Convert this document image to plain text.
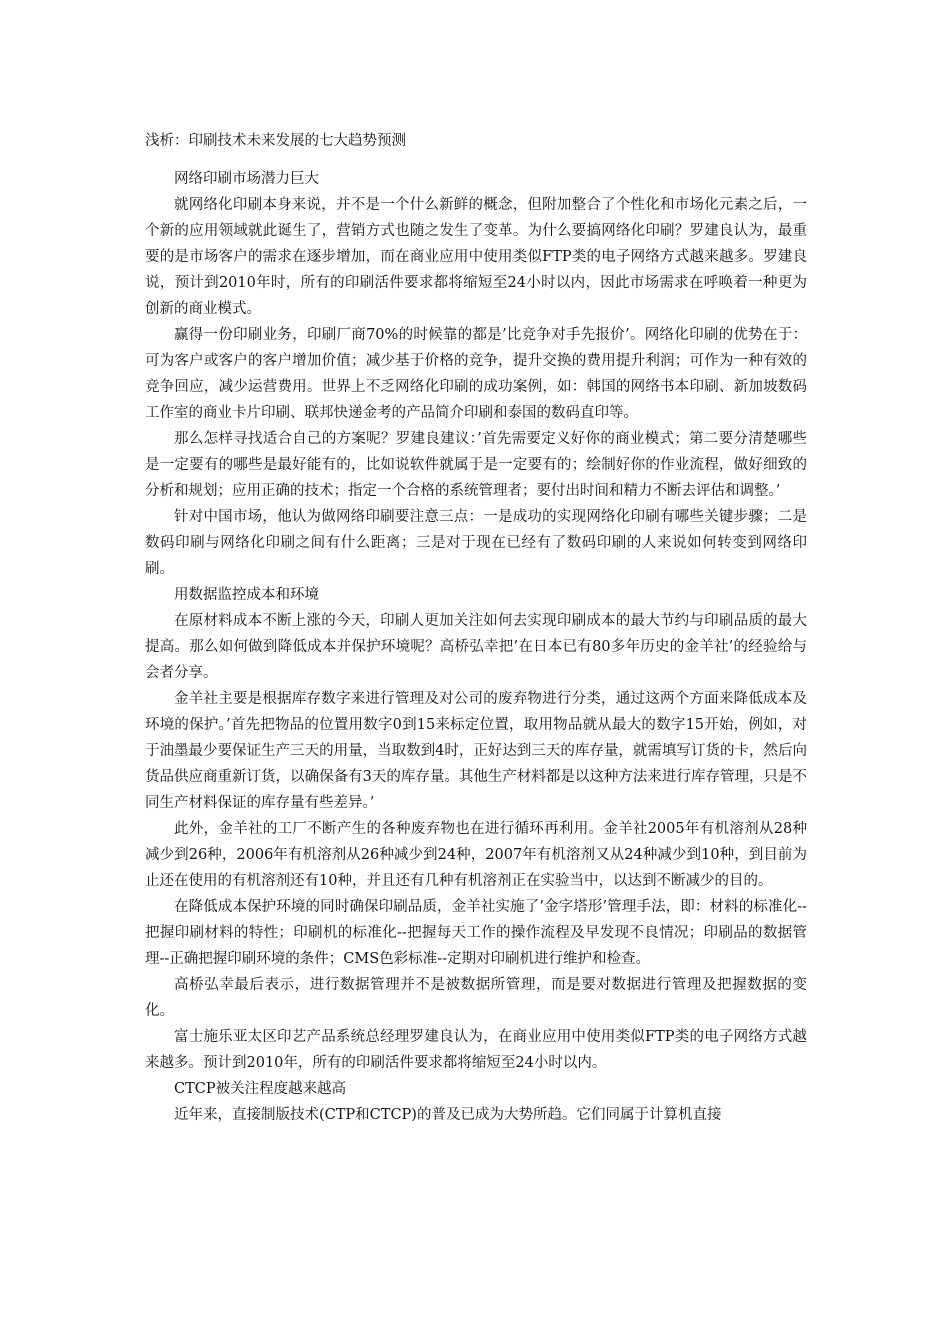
浅析：印刷技术未来发展的七大趋势预测

网络印刷市场潜力巨大

就网络化印刷本身来说，并不是一个什么新鲜的概念，但附加整合了个性化和市场化元素之后，一个新的应用领域就此诞生了，营销方式也随之发生了变革。为什么要搞网络化印刷？罗建良认为，最重要的是市场客户的需求在逐步增加，而在商业应用中使用类似FTP类的电子网络方式越来越多。罗建良说，预计到2010年时，所有的印刷活件要求都将缩短至24小时以内，因此市场需求在呼唤着一种更为创新的商业模式。

赢得一份印刷业务，印刷厂商70%的时候靠的都是’比竞争对手先报价’。网络化印刷的优势在于：可为客户或客户的客户增加价值；减少基于价格的竞争，提升交换的费用提升利润；可作为一种有效的竞争回应，减少运营费用。世界上不乏网络化印刷的成功案例，如：韩国的网络书本印刷、新加坡数码工作室的商业卡片印刷、联邦快递金考的产品简介印刷和泰国的数码直印等。

那么怎样寻找适合自己的方案呢？罗建良建议：’首先需要定义好你的商业模式；第二要分清楚哪些是一定要有的哪些是最好能有的，比如说软件就属于是一定要有的；绘制好你的作业流程，做好细致的分析和规划；应用正确的技术；指定一个合格的系统管理者；要付出时间和精力不断去评估和调整。’

针对中国市场，他认为做网络印刷要注意三点：一是成功的实现网络化印刷有哪些关键步骤；二是数码印刷与网络化印刷之间有什么距离；三是对于现在已经有了数码印刷的人来说如何转变到网络印刷。

用数据监控成本和环境

在原材料成本不断上涨的今天，印刷人更加关注如何去实现印刷成本的最大节约与印刷品质的最大提高。那么如何做到降低成本并保护环境呢？高桥弘幸把’在日本已有80多年历史的金羊社’的经验给与会者分享。

金羊社主要是根据库存数字来进行管理及对公司的废弃物进行分类，通过这两个方面来降低成本及环境的保护。’首先把物品的位置用数字0到15来标定位置，取用物品就从最大的数字15开始，例如，对于油墨最少要保证生产三天的用量，当取数到4时，正好达到三天的库存量，就需填写订货的卡，然后向货品供应商重新订货，以确保备有3天的库存量。其他生产材料都是以这种方法来进行库存管理，只是不同生产材料保证的库存量有些差异。’

此外，金羊社的工厂不断产生的各种废弃物也在进行循环再利用。金羊社2005年有机溶剂从28种减少到26种，2006年有机溶剂从26种减少到24种，2007年有机溶剂又从24种减少到10种，到目前为止还在使用的有机溶剂还有10种，并且还有几种有机溶剂正在实验当中，以达到不断减少的目的。

在降低成本保护环境的同时确保印刷品质，金羊社实施了’金字塔形’管理手法，即：材料的标准化--把握印刷材料的特性；印刷机的标准化--把握每天工作的操作流程及早发现不良情况；印刷品的数据管理--正确把握印刷环境的条件；CMS色彩标准--定期对印刷机进行维护和检查。

高桥弘幸最后表示，进行数据管理并不是被数据所管理，而是要对数据进行管理及把握数据的变化。

富士施乐亚太区印艺产品系统总经理罗建良认为，在商业应用中使用类似FTP类的电子网络方式越来越多。预计到2010年，所有的印刷活件要求都将缩短至24小时以内。

CTCP被关注程度越来越高

近年来，直接制版技术(CTP和CTCP)的普及已成为大势所趋。它们同属于计算机直接
